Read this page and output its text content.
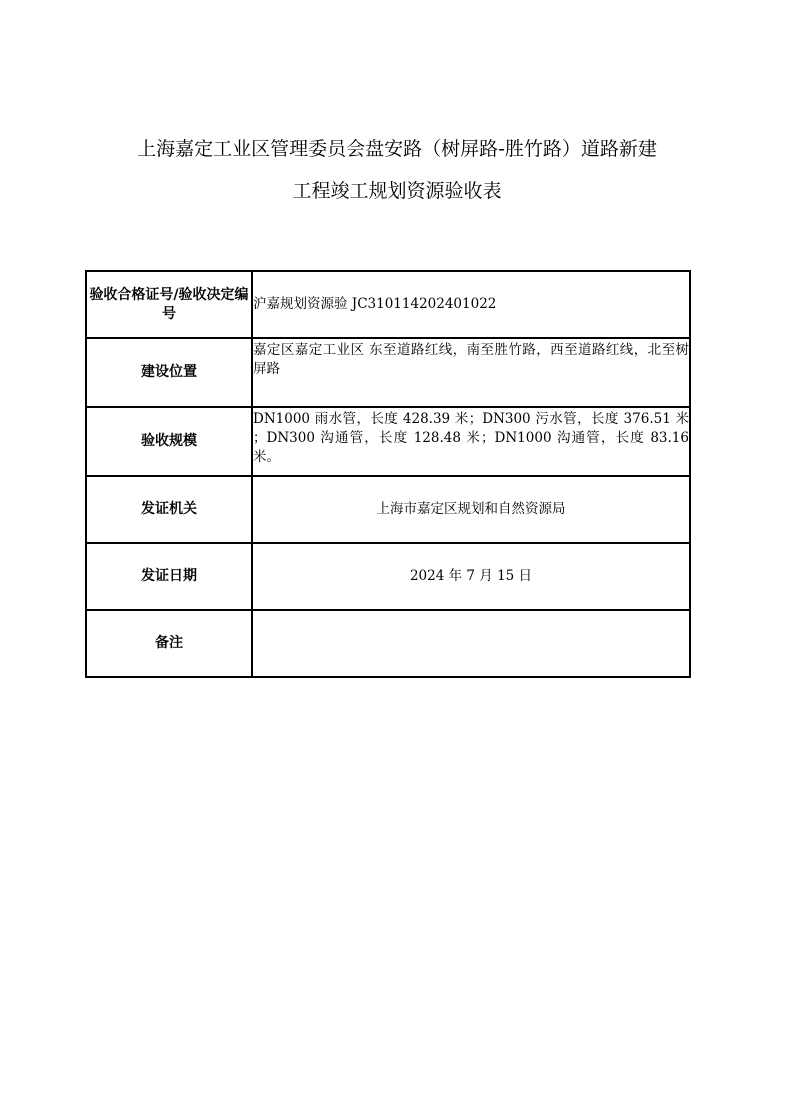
上海嘉定工业区管理委员会盘安路（树屏路-胜竹路）道路新建
工程竣工规划资源验收表
验收合格证号/验收决定编号	沪嘉规划资源验 JC310114202401022
建设位置	嘉定区嘉定工业区 东至道路红线，南至胜竹路，西至道路红线，北至树屏路
验收规模	DN1000 雨水管，长度 428.39 米；DN300 污水管，长度 376.51 米 ；DN300 沟通管，长度 128.48 米；DN1000 沟通管，长度 83.16 米。
发证机关	上海市嘉定区规划和自然资源局
发证日期	2024 年 7 月 15 日
备注	
